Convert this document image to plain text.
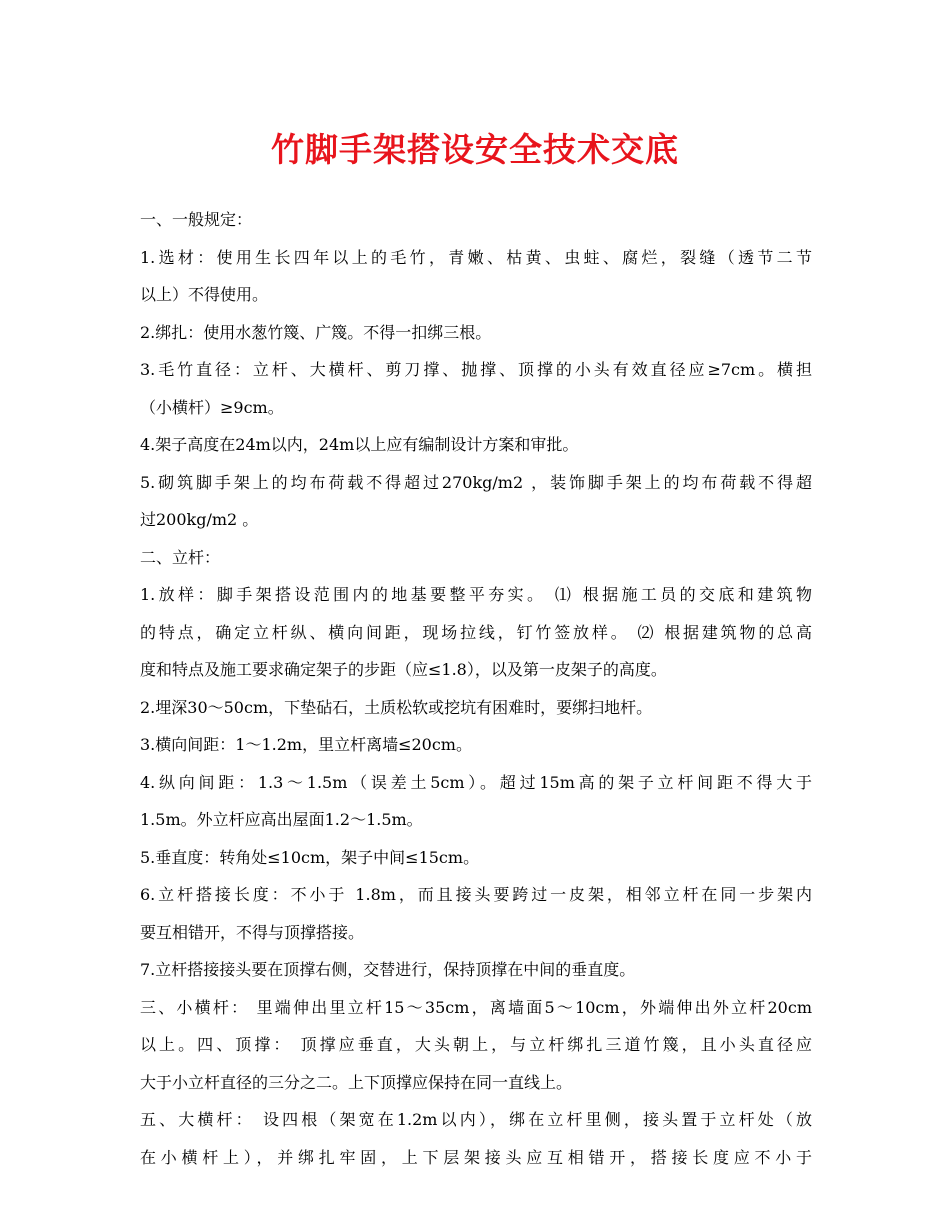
竹脚手架搭设安全技术交底
一、一般规定：
1.选材：使用生长四年以上的毛竹，青嫩、枯黄、虫蛀、腐烂，裂缝（透节二节
以上）不得使用。
2.绑扎：使用水葱竹篾、广篾。不得一扣绑三根。
3.毛竹直径：立杆、大横杆、剪刀撑、抛撑、顶撑的小头有效直径应≥7cm。横担
（小横杆）≥9cm。
4.架子高度在24m以内，24m以上应有编制设计方案和审批。
5.砌筑脚手架上的均布荷载不得超过270kg/m2 ，装饰脚手架上的均布荷载不得超
过200kg/m2 。
二、立杆：
1.放样：脚手架搭设范围内的地基要整平夯实。 ⑴ 根据施工员的交底和建筑物
的特点，确定立杆纵、横向间距，现场拉线，钉竹签放样。 ⑵ 根据建筑物的总高
度和特点及施工要求确定架子的步距（应≤1.8），以及第一皮架子的高度。
2.埋深30～50cm，下垫砧石，土质松软或挖坑有困难时，要绑扫地杆。
3.横向间距：1～1.2m，里立杆离墙≤20cm。
4.纵向间距：1.3～1.5m（误差土5cm）。超过15m高的架子立杆间距不得大于
1.5m。外立杆应高出屋面1.2～1.5m。
5.垂直度：转角处≤10cm，架子中间≤15cm。
6.立杆搭接长度：不小于 1.8m，而且接头要跨过一皮架，相邻立杆在同一步架内
要互相错开，不得与顶撑搭接。
7.立杆搭接接头要在顶撑右侧，交替进行，保持顶撑在中间的垂直度。
三、小横杆： 里端伸出里立杆15～35cm，离墙面5～10cm，外端伸出外立杆20cm
以上。四、顶撑： 顶撑应垂直，大头朝上，与立杆绑扎三道竹篾，且小头直径应
大于小立杆直径的三分之二。上下顶撑应保持在同一直线上。
五、大横杆： 设四根（架宽在1.2m以内），绑在立杆里侧，接头置于立杆处（放
在小横杆上），并绑扎牢固，上下层架接头应互相错开，搭接长度应不小于
